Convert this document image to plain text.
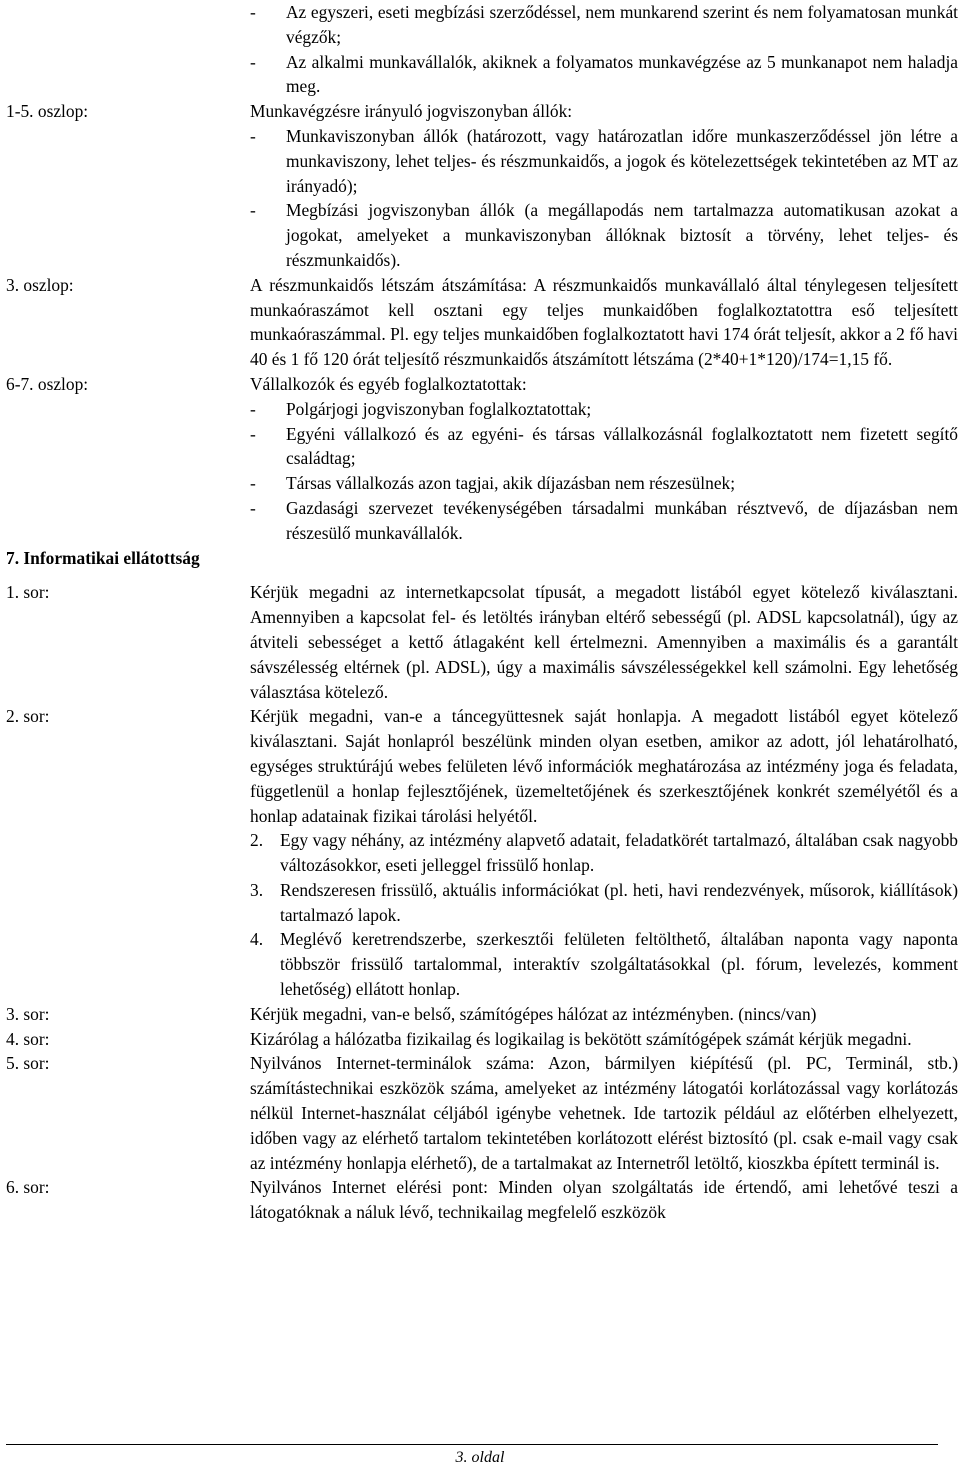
-	Az egyszeri, eseti megbízási szerződéssel, nem munkarend szerint és nem folyamatosan munkát végzők;
-	Az alkalmi munkavállalók, akiknek a folyamatos munkavégzése az 5 munkanapot nem haladja meg.
1-5. oszlop:	Munkavégzésre irányuló jogviszonyban állók:
-	Munkaviszonyban állók (határozott, vagy határozatlan időre munkaszerződéssel jön létre a munkaviszony, lehet teljes- és részmunkaidős, a jogok és kötelezettségek tekintetében az MT az irányadó);
-	Megbízási jogviszonyban állók (a megállapodás nem tartalmazza automatikusan azokat a jogokat, amelyeket a munkaviszonyban állóknak biztosít a törvény, lehet teljes- és részmunkaidős).
3. oszlop:	A részmunkaidős létszám átszámítása: A részmunkaidős munkavállaló által ténylegesen teljesített munkaóraszámot kell osztani egy teljes munkaidőben foglalkoztatottra eső teljesített munkaóraszámmal. Pl. egy teljes munkaidőben foglalkoztatott havi 174 órát teljesít, akkor a 2 fő havi 40 és 1 fő 120 órát teljesítő részmunkaidős átszámított létszáma (2*40+1*120)/174=1,15 fő.
6-7. oszlop:	Vállalkozók és egyéb foglalkoztatottak:
-	Polgárjogi jogviszonyban foglalkoztatottak;
-	Egyéni vállalkozó és az egyéni- és társas vállalkozásnál foglalkoztatott nem fizetett segítő családtag;
-	Társas vállalkozás azon tagjai, akik díjazásban nem részesülnek;
-	Gazdasági szervezet tevékenységében társadalmi munkában résztvevő, de díjazásban nem részesülő munkavállalók.
7. Informatikai ellátottság
1. sor:	Kérjük megadni az internetkapcsolat típusát, a megadott listából egyet kötelező kiválasztani. Amennyiben a kapcsolat fel- és letöltés irányban eltérő sebességű (pl. ADSL kapcsolatnál), úgy az átviteli sebességet a kettő átlagaként kell értelmezni. Amennyiben a maximális és a garantált sávszélesség eltérnek (pl. ADSL), úgy a maximális sávszélességekkel kell számolni. Egy lehetőség választása kötelező.
2. sor:	Kérjük megadni, van-e a táncegyüttesnek saját honlapja. A megadott listából egyet kötelező kiválasztani. Saját honlapról beszélünk minden olyan esetben, amikor az adott, jól lehatárolható, egységes struktúrájú webes felületen lévő információk meghatározása az intézmény joga és feladata, függetlenül a honlap fejlesztőjének, üzemeltetőjének és szerkesztőjének konkrét személyétől és a honlap adatainak fizikai tárolási helyétől.
2. Egy vagy néhány, az intézmény alapvető adatait, feladatkörét tartalmazó, általában csak nagyobb változásokkor, eseti jelleggel frissülő honlap.
3. Rendszeresen frissülő, aktuális információkat (pl. heti, havi rendezvények, műsorok, kiállítások) tartalmazó lapok.
4. Meglévő keretrendszerbe, szerkesztői felületen feltölthető, általában naponta vagy naponta többször frissülő tartalommal, interaktív szolgáltatásokkal (pl. fórum, levelezés, komment lehetőség) ellátott honlap.
3. sor:	Kérjük megadni, van-e belső, számítógépes hálózat az intézményben. (nincs/van)
4. sor:	Kizárólag a hálózatba fizikailag és logikailag is bekötött számítógépek számát kérjük megadni.
5. sor:	Nyilvános Internet-terminálok száma: Azon, bármilyen kiépítésű (pl. PC, Terminál, stb.) számítástechnikai eszközök száma, amelyeket az intézmény látogatói korlátozással vagy korlátozás nélkül Internet-használat céljából igénybe vehetnek. Ide tartozik például az előtérben elhelyezett, időben vagy az elérhető tartalom tekintetében korlátozott elérést biztosító (pl. csak e-mail vagy csak az intézmény honlapja elérhető), de a tartalmakat az Internetről letöltő, kioszkba épített terminál is.
6. sor:	Nyilvános Internet elérési pont: Minden olyan szolgáltatás ide értendő, ami lehetővé teszi a látogatóknak a náluk lévő, technikailag megfelelő eszközök
3. oldal
